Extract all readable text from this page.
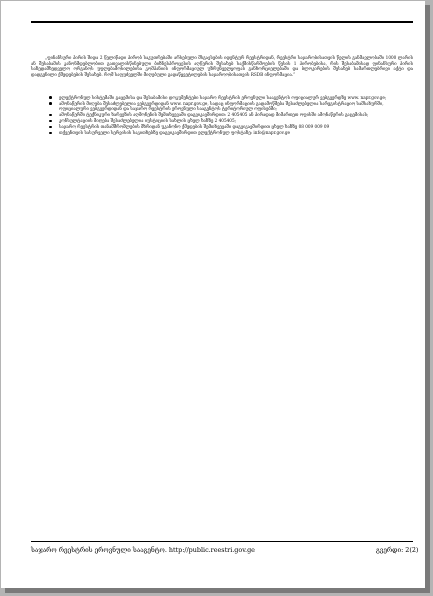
„ფინანსური პირის შიდა 2 წელიწადი პირობ საკუთრებაში არსებული მსგავსების იდენტურ რეესტრიდან, რეესტრი საჯარობისათვის წელის განმავლობაში 1000 ლარის ან შესაბამის კანონმდებლობით გათვალისწინებული ბიზნესპროცესის აღწერის შესახებ საქმისწარმოების წესის 1 პირობებისა, რის შესაბამისად ფინანსური პირის საზედამხედველო ორგანოს უფლებამოსილებისა კომპანიის ინფორმაციულ უზრუნველყოფას განხორციელებაში და ბლოკირების შესახებ სამართლებრივი აქტი და დადგენილი ქმედებების შესახებ. რომ საფუძველში მიღებული გადაწყვეტილების საჯაროობისათვის RSDB ინფორმაცია.“

ელექტრონულ სისტემაში გაცემისა და შესაბამისი დოკუმენტები საჯარო რეესტრის ეროვნული სააგენტოს ოფიციალურ ვებგვერდზე www. napr.gov.ge;
ამონაწერის მიღება შესაძლებელია ვებგვერდიდან www. napr.gov.ge, სადაც ინფორმაციის გადამოწმება შესაძლებელია სარეგისტრაციო სამსახურში, ოფიციალური ვებგვერდიდან და საჯარო რეესტრის ეროვნული სააგენტოს ტერიტორიულ ოფისებში;
ამონაწერში ტექნიკური ხარვეზის აღმოჩენის შემთხვევაში დაგვიკავშირდით: 2 405405 ან პირადად მიმართეთ ოფისში ამონაწერის გაცემისას;
კონსულტაციის მიღება შესაძლებელია იუსტიციის სახლის ცხელ ხაზზე 2 405405;
საჯარო რეესტრის თანამშრომლების მხრიდან უკანონო ქმედების შემთხვევაში დაგვიკავშირდით ცხელ ხაზზე 08 009 009 09
თქვენთვის სასურველი სერვისის საკითხებზე დაგვიკავშირდით ელექტრონულ ფოსტაზე: info@napr.gov.ge
საჯარო რეესტრის ეროვნული სააგენტო. http://public.reestri.gov.ge	გვერდი: 2(2)
